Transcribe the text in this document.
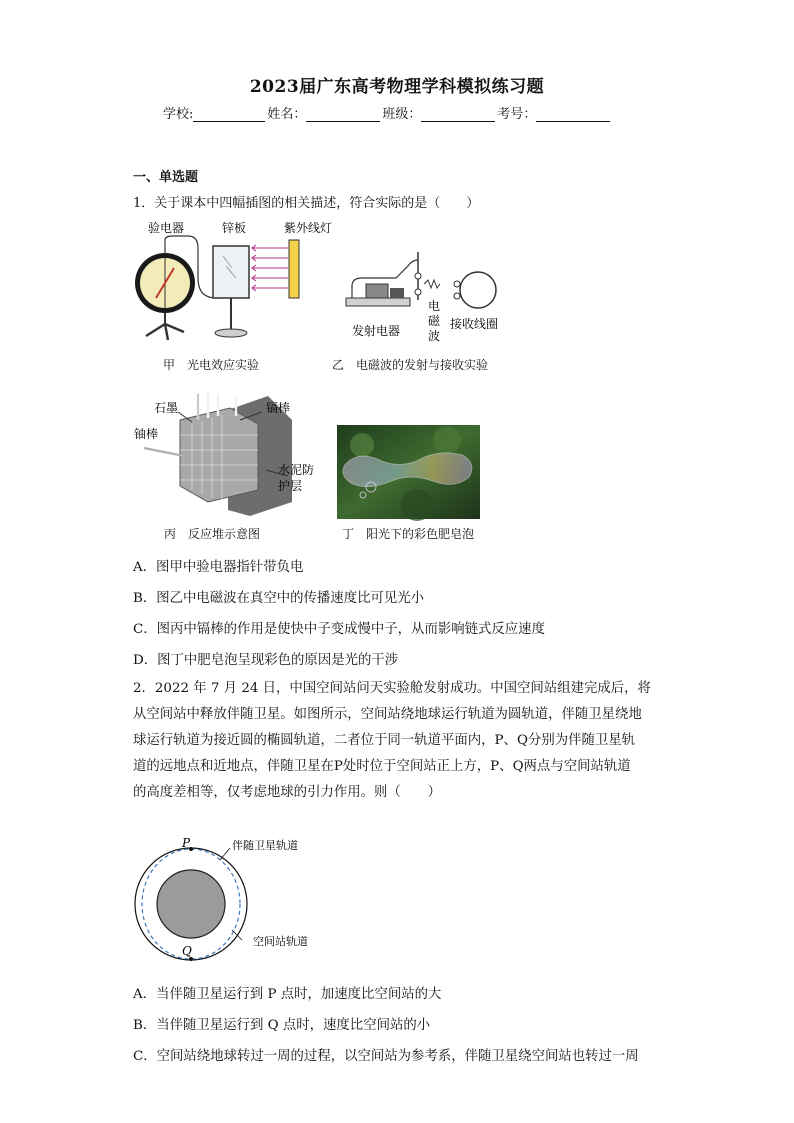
2023届广东高考物理学科模拟练习题
学校:	姓名：	班级：	考号：
一、单选题
1．关于课本中四幅插图的相关描述，符合实际的是（　　）
验电器	锌板	紫外线灯
甲　光电效应实验
发射电器
电
磁
波
接收线圈
乙　电磁波的发射与接收实验
石墨	镉棒
铀棒
水泥防
护层
丙　反应堆示意图	丁　阳光下的彩色肥皂泡
A．图甲中验电器指针带负电
B．图乙中电磁波在真空中的传播速度比可见光小
C．图丙中镉棒的作用是使快中子变成慢中子，从而影响链式反应速度
D．图丁中肥皂泡呈现彩色的原因是光的干涉
2．2022 年 7 月 24 日，中国空间站问天实验舱发射成功。中国空间站组建完成后，将
从空间站中释放伴随卫星。如图所示，空间站绕地球运行轨道为圆轨道，伴随卫星绕地
球运行轨道为接近圆的椭圆轨道，二者位于同一轨道平面内，P、Q分别为伴随卫星轨
道的远地点和近地点，伴随卫星在P处时位于空间站正上方，P、Q两点与空间站轨道
的高度差相等，仅考虑地球的引力作用。则（　　）
P
Q
伴随卫星轨道
空间站轨道
A．当伴随卫星运行到 P 点时，加速度比空间站的大
B．当伴随卫星运行到 Q 点时，速度比空间站的小
C．空间站绕地球转过一周的过程，以空间站为参考系，伴随卫星绕空间站也转过一周
